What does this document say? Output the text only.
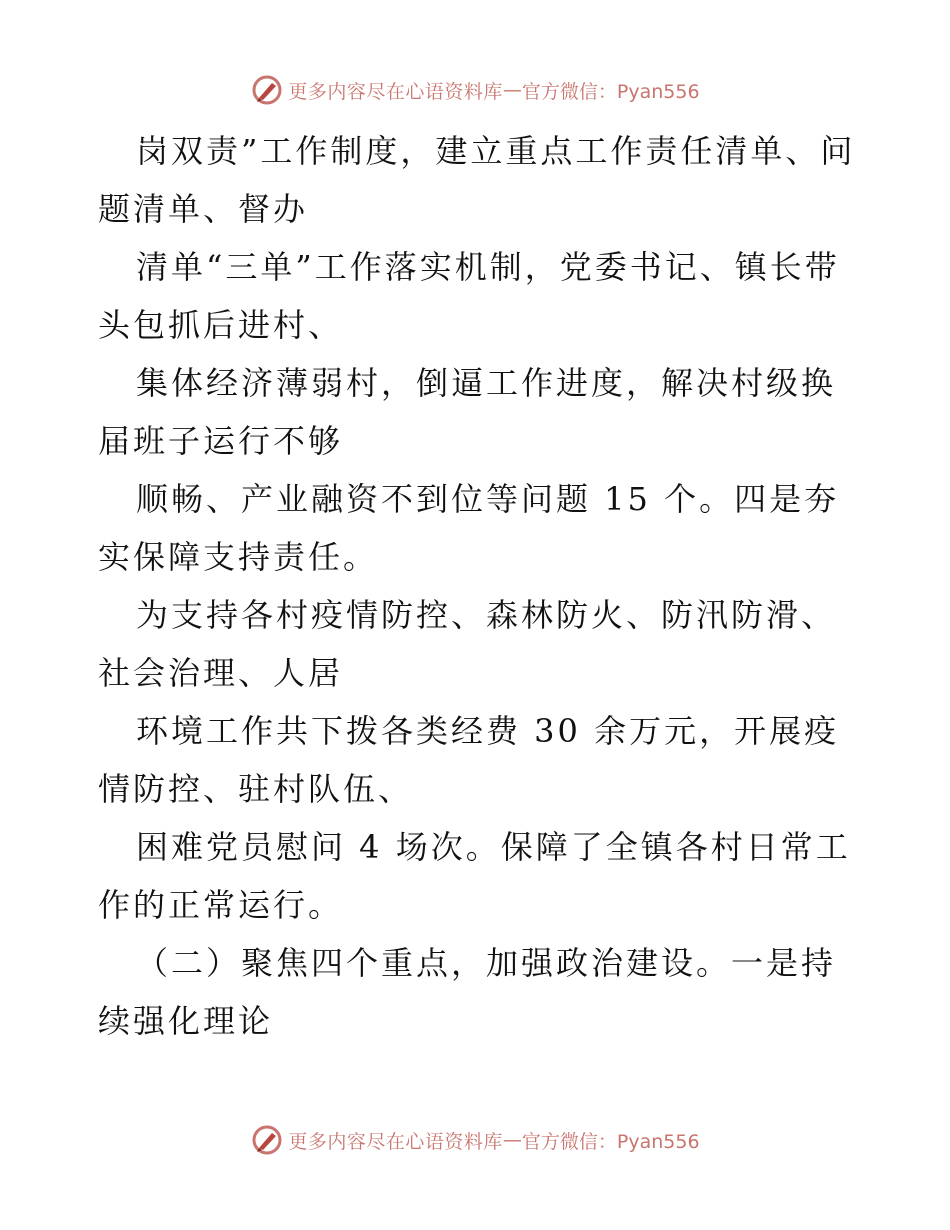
更多内容尽在心语资料库 — 官方微信：Pyan556

岗双责”工作制度，建立重点工作责任清单、问题清单、督办

清单“三单”工作落实机制，党委书记、镇长带头包抓后进村、

集体经济薄弱村，倒逼工作进度，解决村级换届班子运行不够

顺畅、产业融资不到位等问题 15 个。四是夯实保障支持责任。

为支持各村疫情防控、森林防火、防汛防滑、社会治理、人居

环境工作共下拨各类经费 30 余万元，开展疫情防控、驻村队伍、

困难党员慰问 4 场次。保障了全镇各村日常工作的正常运行。

（二）聚焦四个重点，加强政治建设。一是持续强化理论

更多内容尽在心语资料库 — 官方微信：Pyan556
